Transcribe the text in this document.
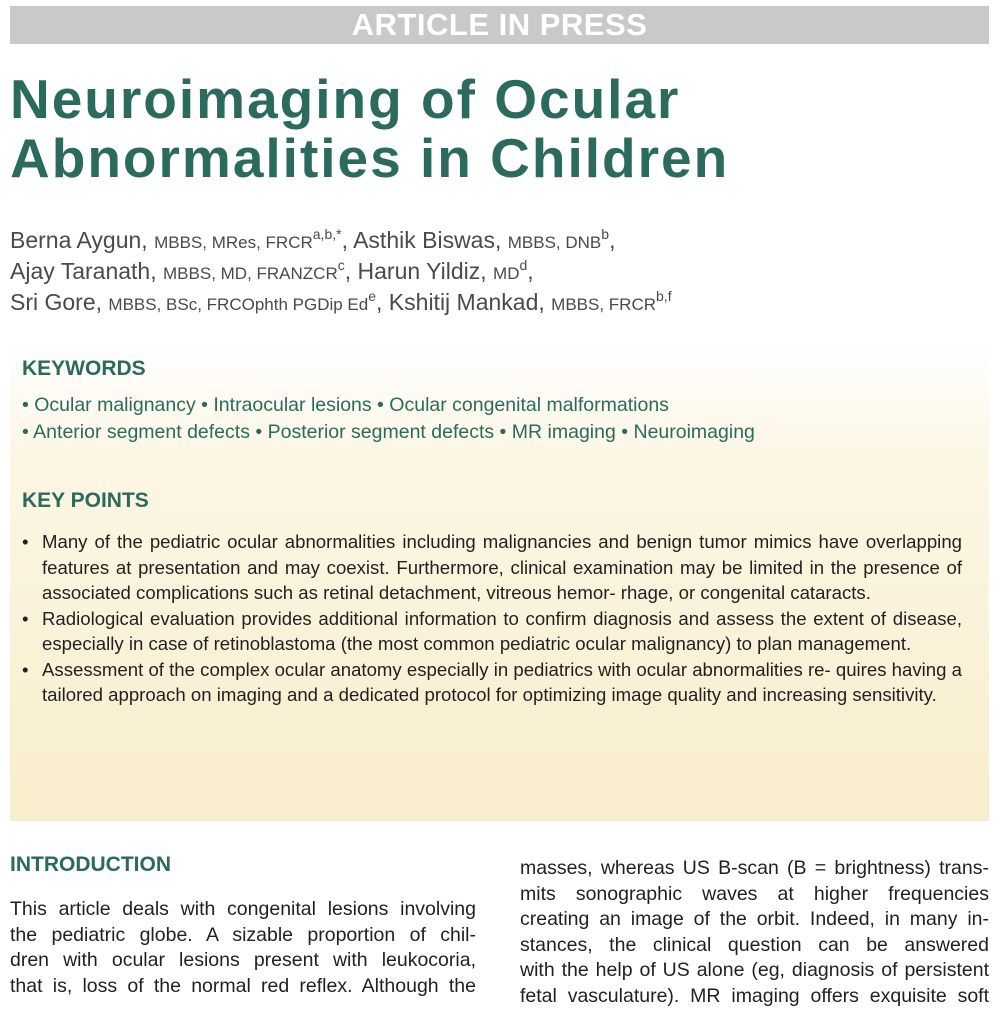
ARTICLE IN PRESS
Neuroimaging of Ocular
Abnormalities in Children
Berna Aygun, MBBS, MRes, $FRCR^{a,b,*}$, Asthik Biswas, MBBS, DNB$^b$,
Ajay Taranath, MBBS, MD, FRANZCR$^c$, Harun Yildiz, $MD^d$,
Sri Gore, MBBS, BSc, FRCOphth PGDip Ed$^e$, Kshitij Mankad, MBBS, FRCR$^{b,f}$
KEYWORDS
• Ocular malignancy • Intraocular lesions • Ocular congenital malformations
• Anterior segment defects • Posterior segment defects • MR imaging • Neuroimaging
KEY POINTS
• Many of the pediatric ocular abnormalities including malignancies and benign tumor mimics have overlapping features at presentation and may coexist. Furthermore, clinical examination may be limited in the presence of associated complications such as retinal detachment, vitreous hemor- rhage, or congenital cataracts.
• Radiological evaluation provides additional information to confirm diagnosis and assess the extent of disease, especially in case of retinoblastoma (the most common pediatric ocular malignancy) to plan management.
• Assessment of the complex ocular anatomy especially in pediatrics with ocular abnormalities re- quires having a tailored approach on imaging and a dedicated protocol for optimizing image quality and increasing sensitivity.
INTRODUCTION
This article deals with congenital lesions involving
the pediatric globe. A sizable proportion of chil-
dren with ocular lesions present with leukocoria,
that is, loss of the normal red reflex. Although the
masses, whereas US B-scan (B = brightness) trans-
mits sonographic waves at higher frequencies
creating an image of the orbit. Indeed, in many in-
stances, the clinical question can be answered
with the help of US alone (eg, diagnosis of persistent
fetal vasculature). MR imaging offers exquisite soft
